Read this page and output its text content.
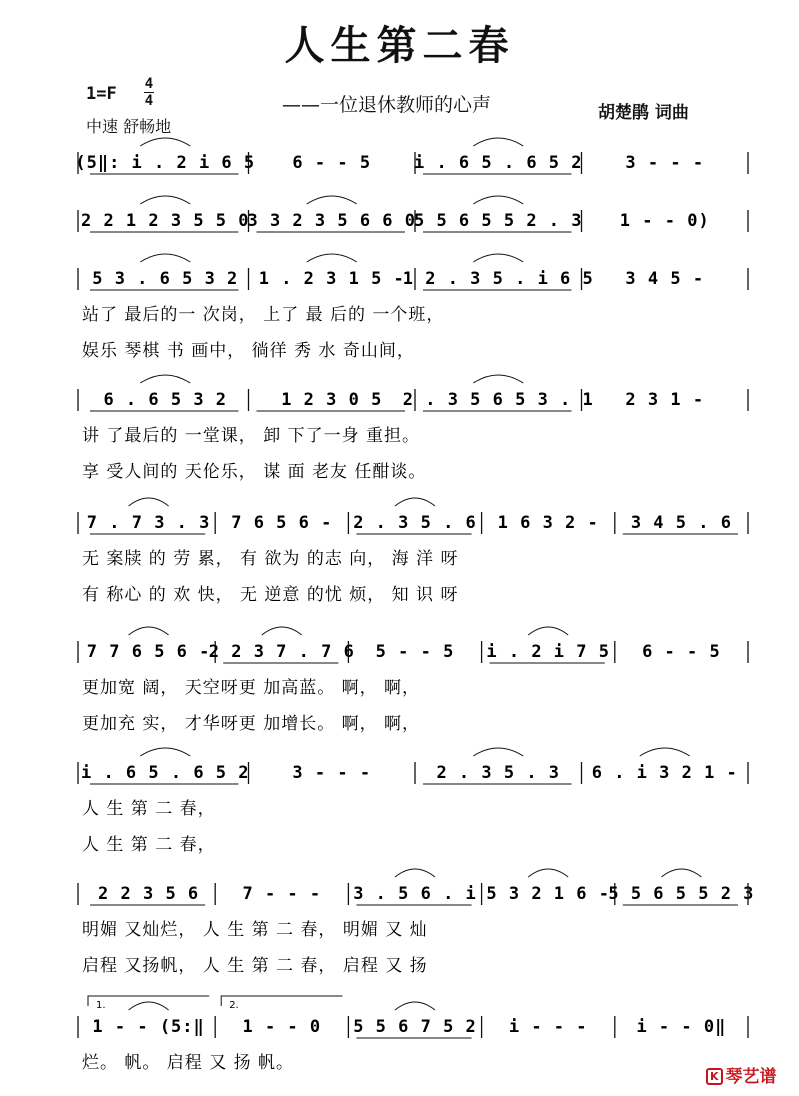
人生第二春
1=F 4
4
中速 舒畅地
——一位退休教师的心声	胡楚鹃 词曲
(5‖: i . 2 i 6 5 6 - - 5	i . 6 5 . 6 5 2	3 - - -
2 2 1 2 3 5 5 0
3 3 2 3 5 6 6 0
5 5 6 5 5 2 . 3 1 - - 0)
5 3 . 6 5 3 2 1 . 2 3 1 5 -
1 2 . 3 5 . i 6 5 3 4 5 -
站了 最后的一 次岗， 上了 最 后的 一个班，
娱乐 琴棋 书 画中， 徜徉 秀 水 奇山间，
6 . 6 5 3 2	1 2 3 0 5 2 . 3 5 6 5 3 . 1 2 3 1 -
讲 了最后的 一堂课， 卸 下了一身 重担。
享 受人间的 天伦乐， 谋 面 老友 任酣谈。
7 . 7 3 . 3 7 6 5 6 - 2 . 3 5 . 6 1 6 3 2 - 3 4 5 . 6
无 案牍 的 劳 累， 有 欲为 的志 向， 海 洋 呀
有 称心 的 欢 快， 无 逆意 的忧 烦， 知 识 呀
7 7 6 5 6 -
2 2 3 7 . 7 6 5 - - 5 i . 2 i 7 5 6 - - 5
更加宽 阔， 天空呀更 加高蓝。 啊， 啊，
更加充 实， 才华呀更 加增长。 啊， 啊，
i . 6 5 . 6 5 2	3 - - -	2 . 3 5 . 3 6 . i 3 2 1 -
人 生 第 二 春，
人 生 第 二 春，
2 2 3 5 6	7 - - - 3 . 5 6 . i 5 3 2 1 6 -
5 5 6 5 5 2 3
明媚 又灿烂， 人 生 第 二 春， 明媚 又 灿
启程 又扬帆， 人 生 第 二 春， 启程 又 扬
1 - - (5:‖ 1 - - 0 5 5 6 7 5 2 i - - -	i - - 0‖
1.	2.
烂。 帆。 启程 又 扬 帆。
K 琴艺谱
